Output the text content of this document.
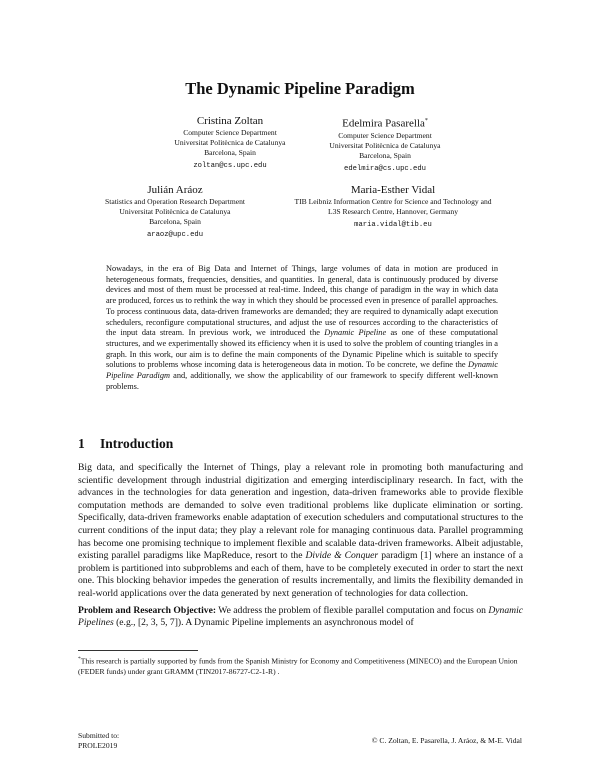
The Dynamic Pipeline Paradigm
Cristina Zoltan
Computer Science Department
Universitat Politècnica de Catalunya
Barcelona, Spain
zoltan@cs.upc.edu
Edelmira Pasarella*
Computer Science Department
Universitat Politècnica de Catalunya
Barcelona, Spain
edelmira@cs.upc.edu
Julián Aráoz
Statistics and Operation Research Department
Universitat Politècnica de Catalunya
Barcelona, Spain
araoz@upc.edu
Maria-Esther Vidal
TIB Leibniz Information Centre for Science and Technology and
L3S Research Centre, Hannover, Germany
maria.vidal@tib.eu

Nowadays, in the era of Big Data and Internet of Things, large volumes of data in motion are produced in heterogeneous formats, frequencies, densities, and quantities. In general, data is continuously produced by diverse devices and most of them must be processed at real-time. Indeed, this change of paradigm in the way in which data are produced, forces us to rethink the way in which they should be processed even in presence of parallel approaches. To process continuous data, data-driven frameworks are demanded; they are required to dynamically adapt execution schedulers, reconfigure computational structures, and adjust the use of resources according to the characteristics of the input data stream. In previous work, we introduced the Dynamic Pipeline as one of these computational structures, and we experimentally showed its efficiency when it is used to solve the problem of counting triangles in a graph. In this work, our aim is to define the main components of the Dynamic Pipeline which is suitable to specify solutions to problems whose incoming data is heterogeneous data in motion. To be concrete, we define the Dynamic Pipeline Paradigm and, additionally, we show the applicability of our framework to specify different well-known problems.

1 Introduction

Big data, and specifically the Internet of Things, play a relevant role in promoting both manufacturing and scientific development through industrial digitization and emerging interdisciplinary research. In fact, with the advances in the technologies for data generation and ingestion, data-driven frameworks able to provide flexible computation methods are demanded to solve even traditional problems like duplicate elimination or sorting. Specifically, data-driven frameworks enable adaptation of execution schedulers and computational structures to the current conditions of the input data; they play a relevant role for managing continuous data. Parallel programming has become one promising technique to implement flexible and scalable data-driven frameworks. Albeit adjustable, existing parallel paradigms like MapReduce, resort to the Divide & Conquer paradigm [1] where an instance of a problem is partitioned into subproblems and each of them, have to be completely executed in order to start the next one. This blocking behavior impedes the generation of results incrementally, and limits the flexibility demanded in real-world applications over the data generated by next generation of technologies for data collection.

Problem and Research Objective: We address the problem of flexible parallel computation and focus on Dynamic Pipelines (e.g., [2, 3, 5, 7]). A Dynamic Pipeline implements an asynchronous model of

*This research is partially supported by funds from the Spanish Ministry for Economy and Competitiveness (MINECO) and the European Union (FEDER funds) under grant GRAMM (TIN2017-86727-C2-1-R) .
Submitted to:
PROLE2019
© C. Zoltan, E. Pasarella, J. Aráoz, & M-E. Vidal
